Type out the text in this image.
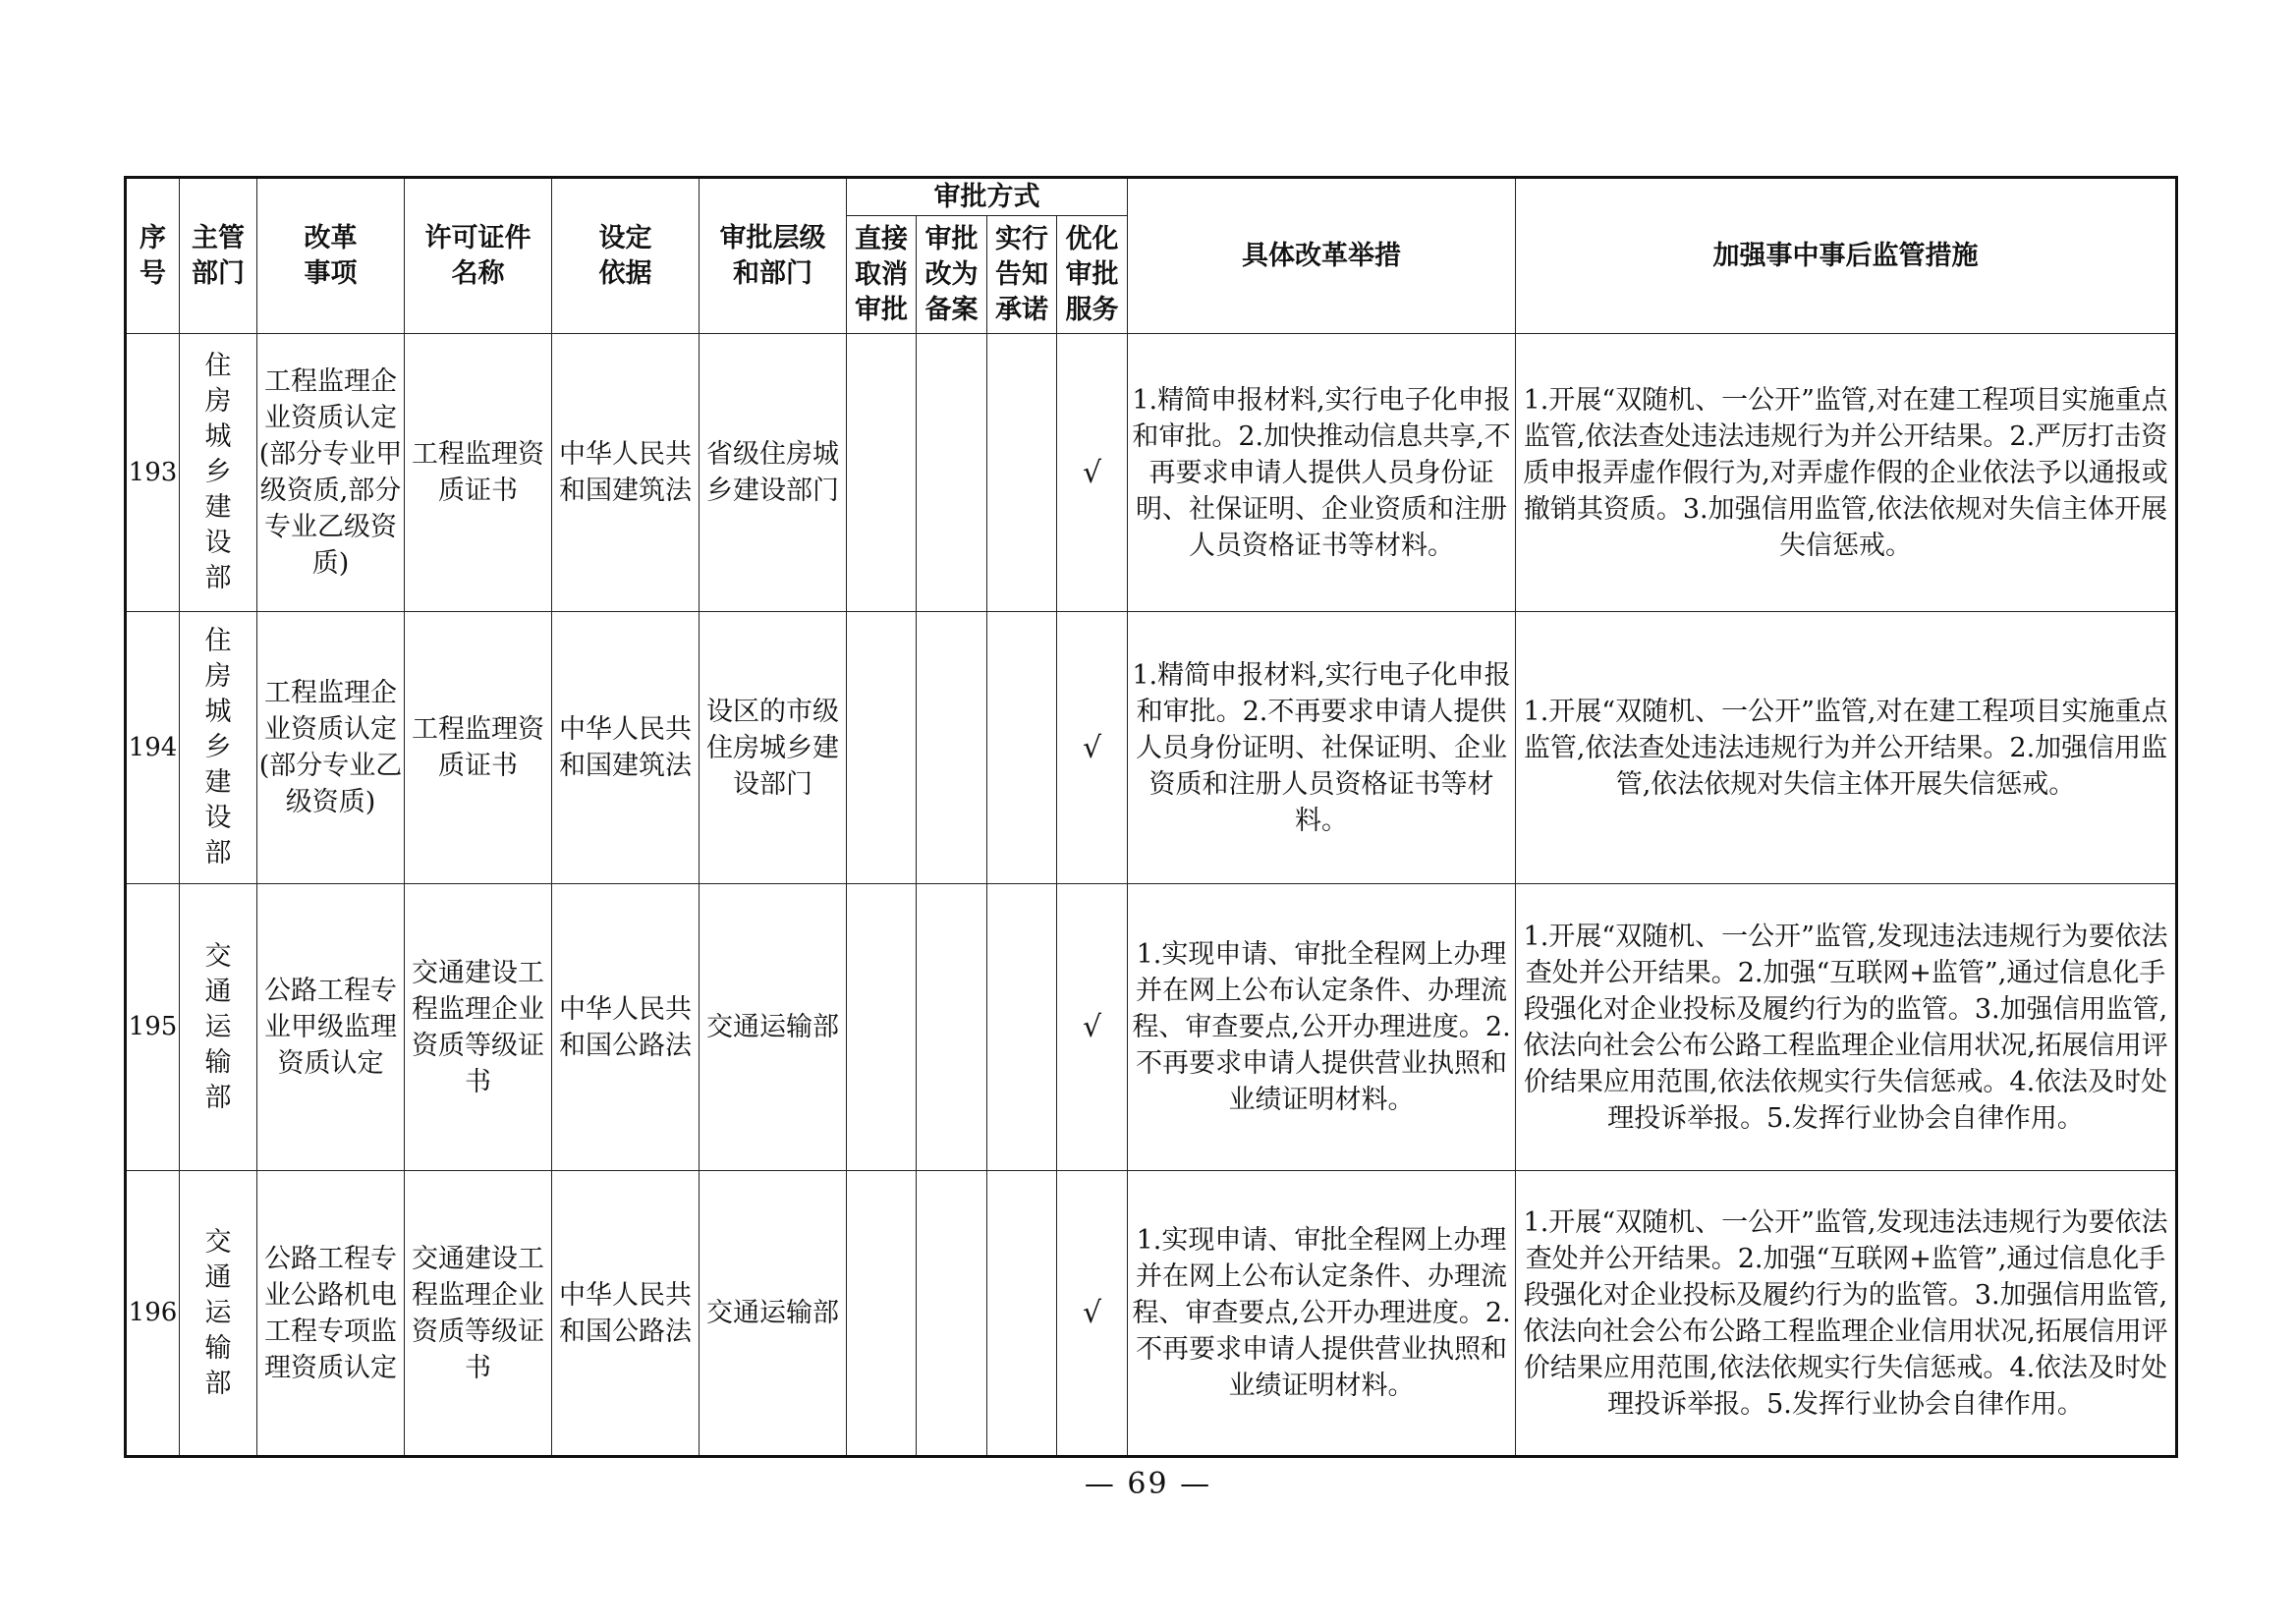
序号	主管部门	改革事项	许可证件名称	设定依据	审批层级和部门	审批方式				具体改革举措	加强事中事后监管措施
						直接取消审批	审批改为备案	实行告知承诺	优化审批服务		
193	住房城乡建设部	工程监理企业资质认定(部分专业甲级资质,部分专业乙级资质)	工程监理资质证书	中华人民共和国建筑法	省级住房城乡建设部门				√	1.精简申报材料,实行电子化申报和审批。2.加快推动信息共享,不再要求申请人提供人员身份证明、社保证明、企业资质和注册人员资格证书等材料。	1.开展“双随机、一公开”监管,对在建工程项目实施重点监管,依法查处违法违规行为并公开结果。2.严厉打击资质申报弄虚作假行为,对弄虚作假的企业依法予以通报或撤销其资质。3.加强信用监管,依法依规对失信主体开展失信惩戒。
194	住房城乡建设部	工程监理企业资质认定(部分专业乙级资质)	工程监理资质证书	中华人民共和国建筑法	设区的市级住房城乡建设部门				√	1.精简申报材料,实行电子化申报和审批。2.不再要求申请人提供人员身份证明、社保证明、企业资质和注册人员资格证书等材料。	1.开展“双随机、一公开”监管,对在建工程项目实施重点监管,依法查处违法违规行为并公开结果。2.加强信用监管,依法依规对失信主体开展失信惩戒。
195	交通运输部	公路工程专业甲级监理资质认定	交通建设工程监理企业资质等级证书	中华人民共和国公路法	交通运输部				√	1.实现申请、审批全程网上办理并在网上公布认定条件、办理流程、审查要点,公开办理进度。2.不再要求申请人提供营业执照和业绩证明材料。	1.开展“双随机、一公开”监管,发现违法违规行为要依法查处并公开结果。2.加强“互联网+监管”,通过信息化手段强化对企业投标及履约行为的监管。3.加强信用监管,依法向社会公布公路工程监理企业信用状况,拓展信用评价结果应用范围,依法依规实行失信惩戒。4.依法及时处理投诉举报。5.发挥行业协会自律作用。
196	交通运输部	公路工程专业公路机电工程专项监理资质认定	交通建设工程监理企业资质等级证书	中华人民共和国公路法	交通运输部				√	1.实现申请、审批全程网上办理并在网上公布认定条件、办理流程、审查要点,公开办理进度。2.不再要求申请人提供营业执照和业绩证明材料。	1.开展“双随机、一公开”监管,发现违法违规行为要依法查处并公开结果。2.加强“互联网+监管”,通过信息化手段强化对企业投标及履约行为的监管。3.加强信用监管,依法向社会公布公路工程监理企业信用状况,拓展信用评价结果应用范围,依法依规实行失信惩戒。4.依法及时处理投诉举报。5.发挥行业协会自律作用。
— 69 —
